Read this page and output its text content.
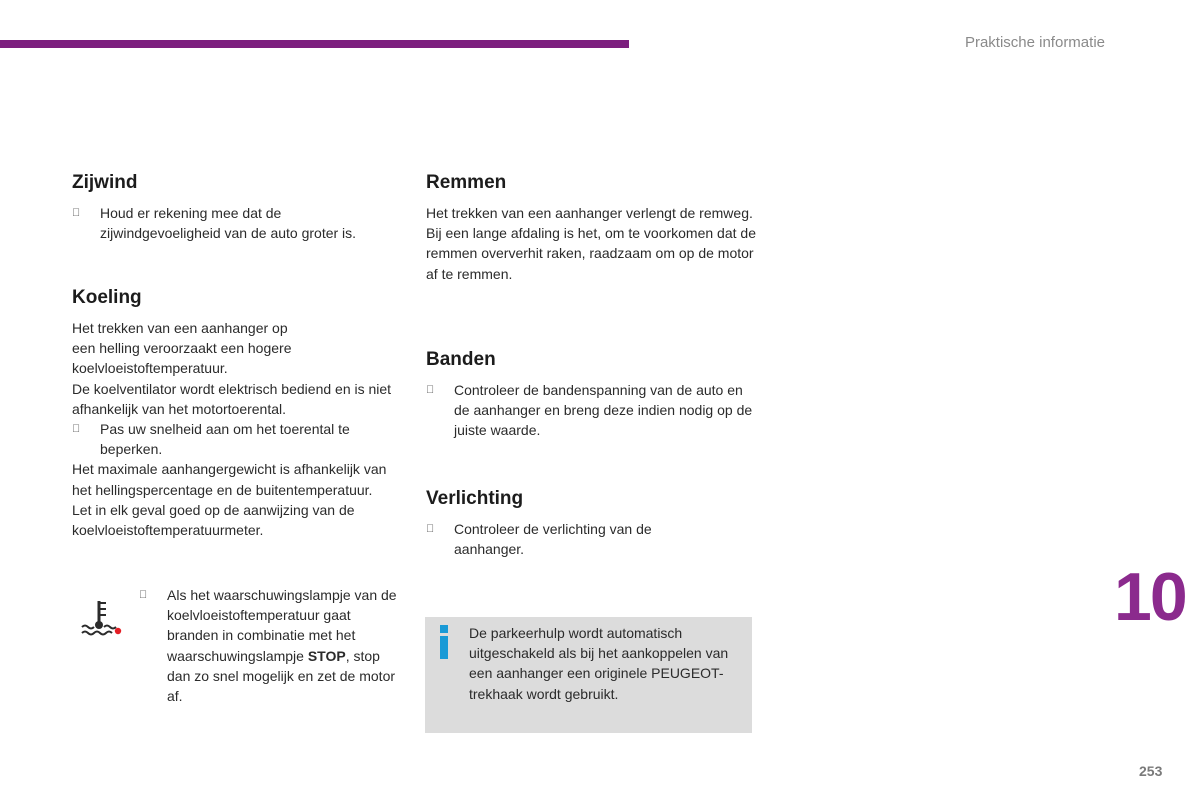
Praktische informatie
10
253
Zijwind
Houd er rekening mee dat de zijwindgevoeligheid van de auto groter is.
Koeling

Het trekken van een aanhanger op
een helling veroorzaakt een hogere
koelvloeistoftemperatuur.

De koelventilator wordt elektrisch bediend en is niet afhankelijk van het motortoerental.

Pas uw snelheid aan om het toerental te beperken.

Het maximale aanhangergewicht is afhankelijk van het hellingspercentage en de buitentemperatuur.

Let in elk geval goed op de aanwijzing van de koelvloeistoftemperatuurmeter.

Als het waarschuwingslampje van de koelvloeistoftemperatuur gaat branden in combinatie met het waarschuwingslampje STOP, stop dan zo snel mogelijk en zet de motor af.
Remmen

Het trekken van een aanhanger verlengt de remweg.

Bij een lange afdaling is het, om te voorkomen dat de remmen oververhit raken, raadzaam om op de motor af te remmen.

Banden
Controleer de bandenspanning van de auto en de aanhanger en breng deze indien nodig op de juiste waarde.
Verlichting
Controleer de verlichting van de aanhanger.
De parkeerhulp wordt automatisch uitgeschakeld als bij het aankoppelen van een aanhanger een originele PEUGEOT-trekhaak wordt gebruikt.
